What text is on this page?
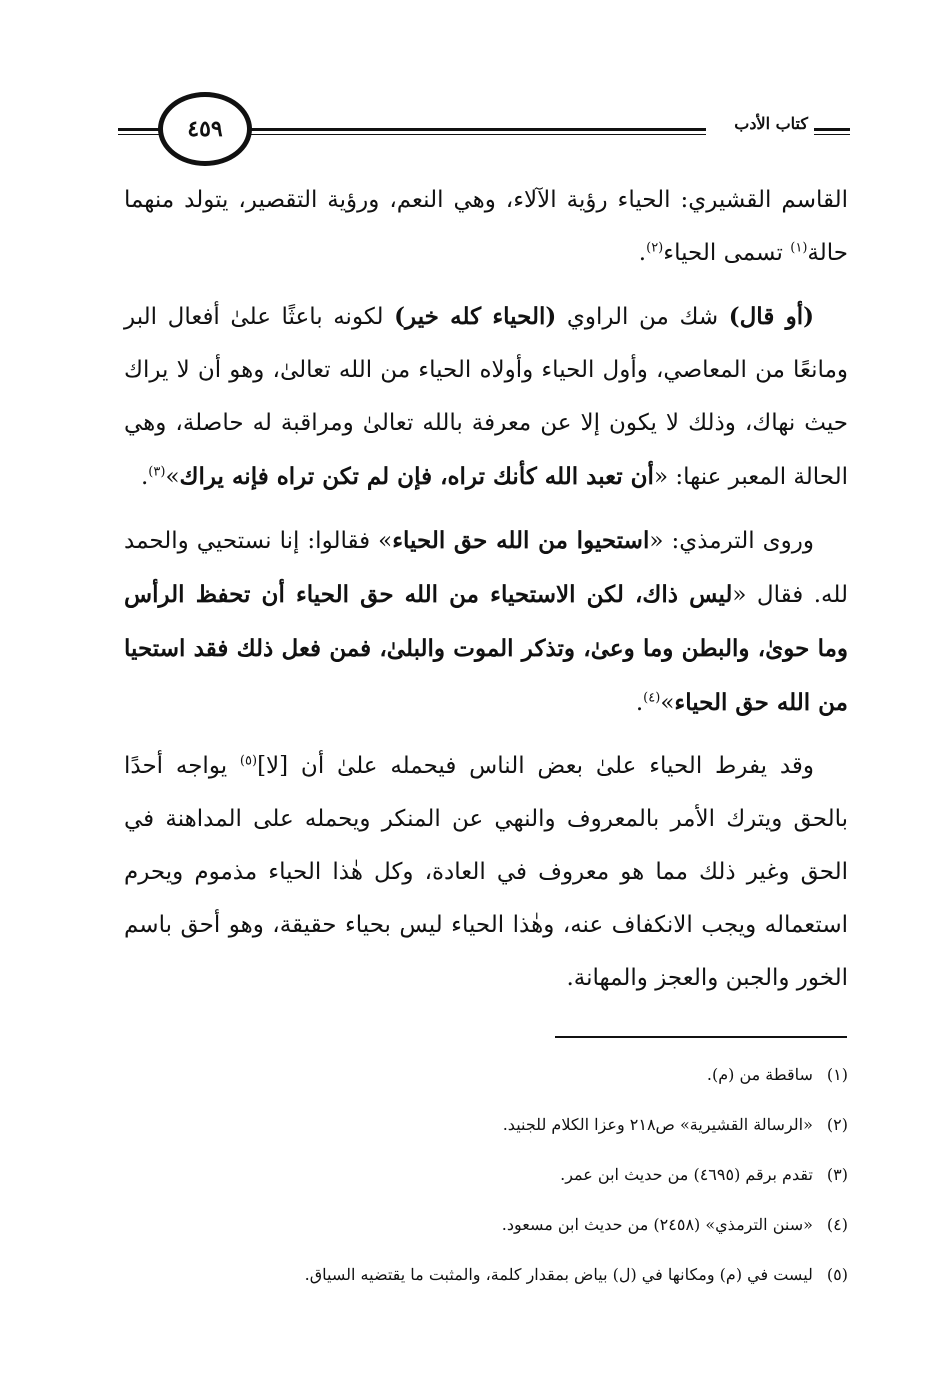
٤٥٩	كتاب الأدب

القاسم القشيري: الحياء رؤية الآلاء، وهي النعم، ورؤية التقصير، يتولد منهما حالة$^{(١)}$ تسمى الحياء$^{(٢)}$.

(أو قال) شك من الراوي (الحياء كله خير) لكونه باعثًا علىٰ أفعال البر ومانعًا من المعاصي، وأول الحياء وأولاه الحياء من الله تعالىٰ، وهو أن لا يراك حيث نهاك، وذلك لا يكون إلا عن معرفة بالله تعالىٰ ومراقبة له حاصلة، وهي الحالة المعبر عنها: «أن تعبد الله كأنك تراه، فإن لم تكن تراه فإنه يراك»$^{(٣)}$.

وروى الترمذي: «استحيوا من الله حق الحياء» فقالوا: إنا نستحيي والحمد لله. فقال «ليس ذاك، لكن الاستحياء من الله حق الحياء أن تحفظ الرأس وما حوىٰ، والبطن وما وعىٰ، وتذكر الموت والبلىٰ، فمن فعل ذلك فقد استحيا من الله حق الحياء»$^{(٤)}$.

وقد يفرط الحياء علىٰ بعض الناس فيحمله علىٰ أن [لا]$^{(٥)}$ يواجه أحدًا بالحق ويترك الأمر بالمعروف والنهي عن المنكر ويحمله على المداهنة في الحق وغير ذلك مما هو معروف في العادة، وكل هٰذا الحياء مذموم ويحرم استعماله ويجب الانكفاف عنه، وهٰذا الحياء ليس بحياء حقيقة، وهو أحق باسم الخور والجبن والعجز والمهانة.

(١)ساقطة من (م).
(٢)«الرسالة القشيرية» ص٢١٨ وعزا الكلام للجنيد.
(٣)تقدم برقم (٤٦٩٥) من حديث ابن عمر.
(٤)«سنن الترمذي» (٢٤٥٨) من حديث ابن مسعود.
(٥)ليست في (م) ومكانها في (ل) بياض بمقدار كلمة، والمثبت ما يقتضيه السياق.
